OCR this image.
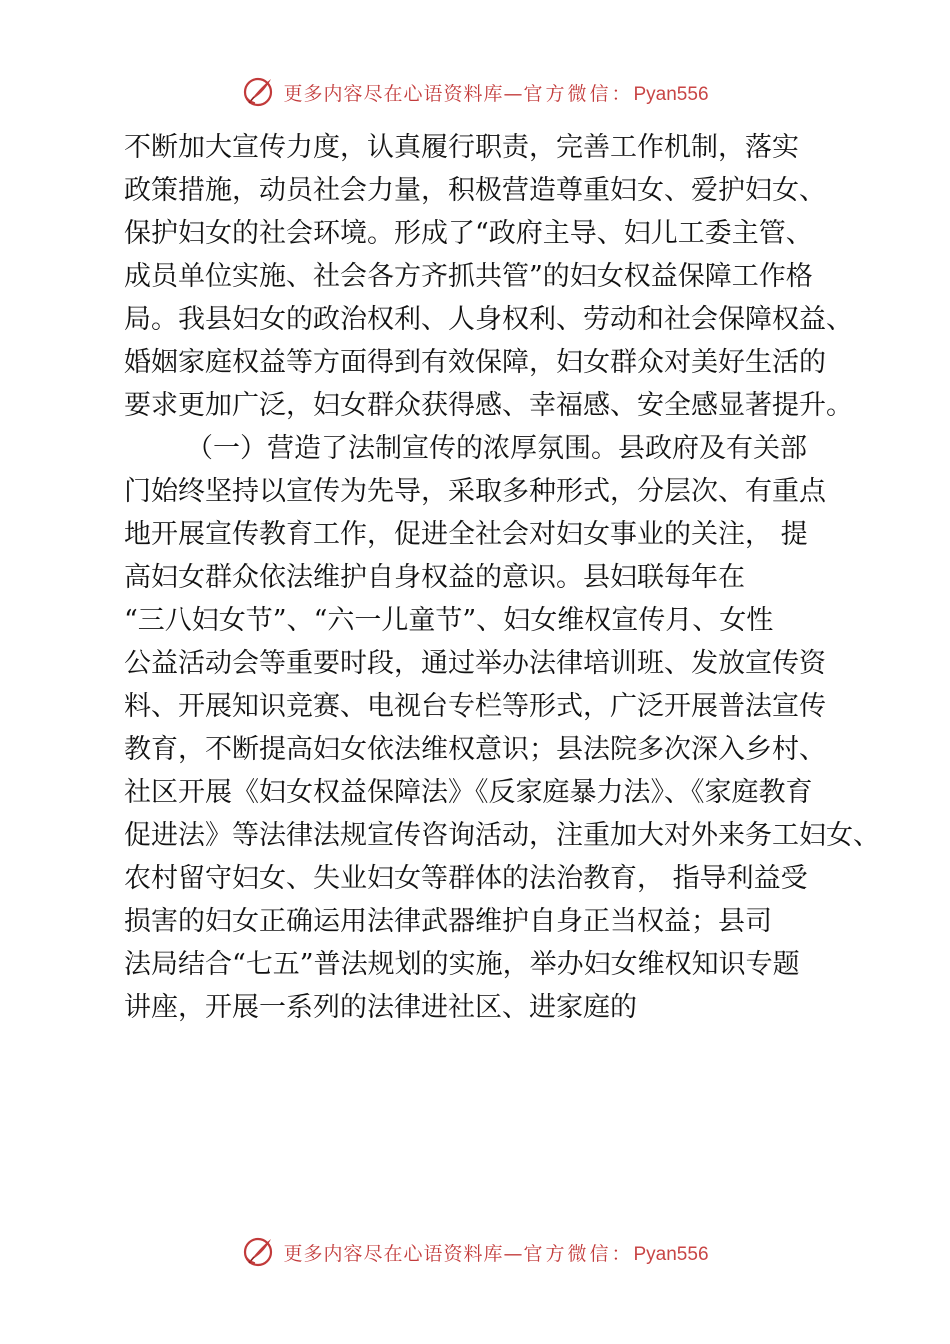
更多内容尽在心语资料库—官方微信：Pyan556
不断加大宣传力度，认真履行职责，完善工作机制，落实
政策措施，动员社会力量，积极营造尊重妇女、爱护妇女、
保护妇女的社会环境。形成了“政府主导、妇儿工委主管、
成员单位实施、社会各方齐抓共管”的妇女权益保障工作格
局。我县妇女的政治权利、人身权利、劳动和社会保障权益、
婚姻家庭权益等方面得到有效保障，妇女群众对美好生活的
要求更加广泛，妇女群众获得感、幸福感、安全感显著提升。
（一）营造了法制宣传的浓厚氛围。县政府及有关部
门始终坚持以宣传为先导，采取多种形式，分层次、有重点
地开展宣传教育工作，促进全社会对妇女事业的关注， 提
高妇女群众依法维护自身权益的意识。县妇联每年在
“三八妇女节”、“六一儿童节”、妇女维权宣传月、女性
公益活动会等重要时段，通过举办法律培训班、发放宣传资
料、开展知识竞赛、电视台专栏等形式，广泛开展普法宣传
教育，不断提高妇女依法维权意识；县法院多次深入乡村、
社区开展《妇女权益保障法》《反家庭暴力法》、《家庭教育
促进法》等法律法规宣传咨询活动，注重加大对外来务工妇女、
农村留守妇女、失业妇女等群体的法治教育， 指导利益受
损害的妇女正确运用法律武器维护自身正当权益；县司
法局结合“七五”普法规划的实施，举办妇女维权知识专题
讲座，开展一系列的法律进社区、进家庭的
更多内容尽在心语资料库—官方微信：Pyan556
